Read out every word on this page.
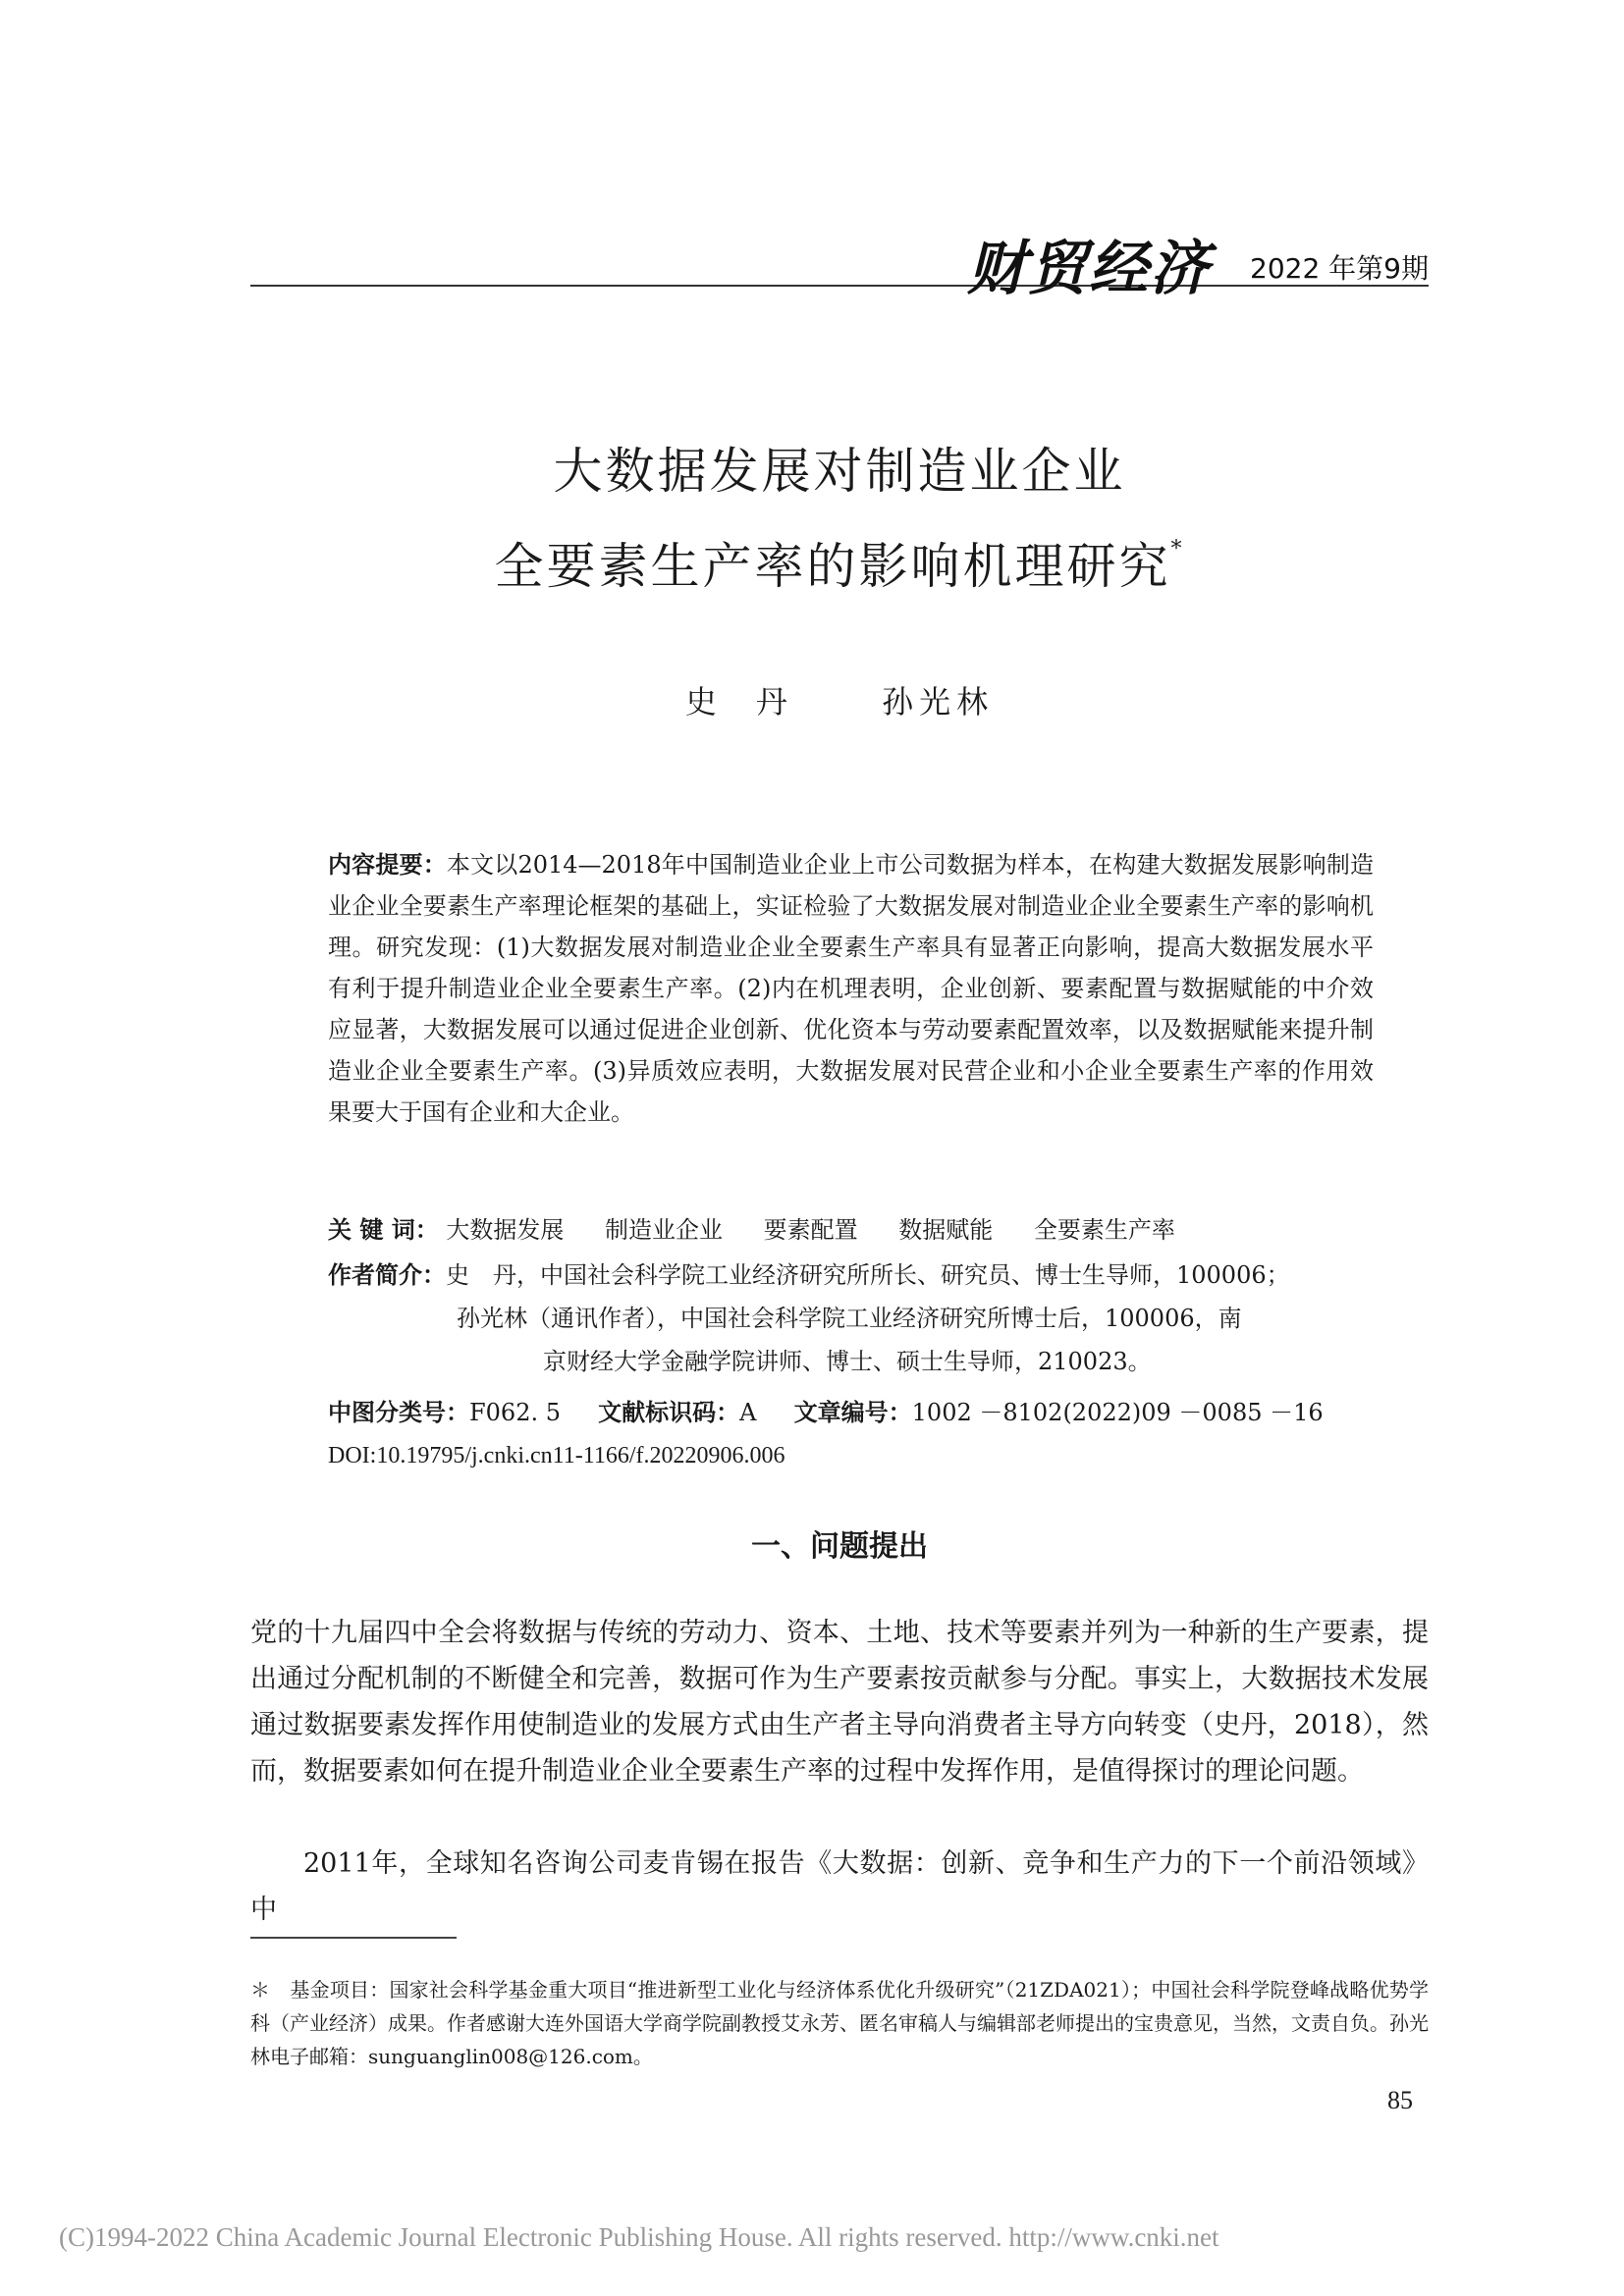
财贸经济 2022 年第9期
大数据发展对制造业企业
全要素生产率的影响机理研究*
史丹 孙光林
内容提要：本文以2014—2018年中国制造业企业上市公司数据为样本，在构建大数据发展影响制造业企业全要素生产率理论框架的基础上，实证检验了大数据发展对制造业企业全要素生产率的影响机理。研究发现：(1)大数据发展对制造业企业全要素生产率具有显著正向影响，提高大数据发展水平有利于提升制造业企业全要素生产率。(2)内在机理表明，企业创新、要素配置与数据赋能的中介效应显著，大数据发展可以通过促进企业创新、优化资本与劳动要素配置效率，以及数据赋能来提升制造业企业全要素生产率。(3)异质效应表明，大数据发展对民营企业和小企业全要素生产率的作用效果要大于国有企业和大企业。
关 键 词： 大数据发展 制造业企业 要素配置 数据赋能 全要素生产率
作者简介：史　丹，中国社会科学院工业经济研究所所长、研究员、博士生导师，100006；
孙光林（通讯作者），中国社会科学院工业经济研究所博士后，100006，南
京财经大学金融学院讲师、博士、硕士生导师，210023。
中图分类号：F062. 5 文献标识码：A 文章编号：1002 －8102(2022)09 －0085 －16
DOI:10.19795/j.cnki.cn11-1166/f.20220906.006
一、问题提出
党的十九届四中全会将数据与传统的劳动力、资本、土地、技术等要素并列为一种新的生产要素，提出通过分配机制的不断健全和完善，数据可作为生产要素按贡献参与分配。事实上，大数据技术发展通过数据要素发挥作用使制造业的发展方式由生产者主导向消费者主导方向转变（史丹，2018），然而，数据要素如何在提升制造业企业全要素生产率的过程中发挥作用，是值得探讨的理论问题。
2011年，全球知名咨询公司麦肯锡在报告《大数据：创新、竞争和生产力的下一个前沿领域》中
＊　基金项目：国家社会科学基金重大项目“推进新型工业化与经济体系优化升级研究”（21ZDA021）；中国社会科学院登峰战略优势学科（产业经济）成果。作者感谢大连外国语大学商学院副教授艾永芳、匿名审稿人与编辑部老师提出的宝贵意见，当然，文责自负。孙光林电子邮箱：sunguanglin008@126.com。
85
(C)1994-2022 China Academic Journal Electronic Publishing House. All rights reserved. http://www.cnki.net
